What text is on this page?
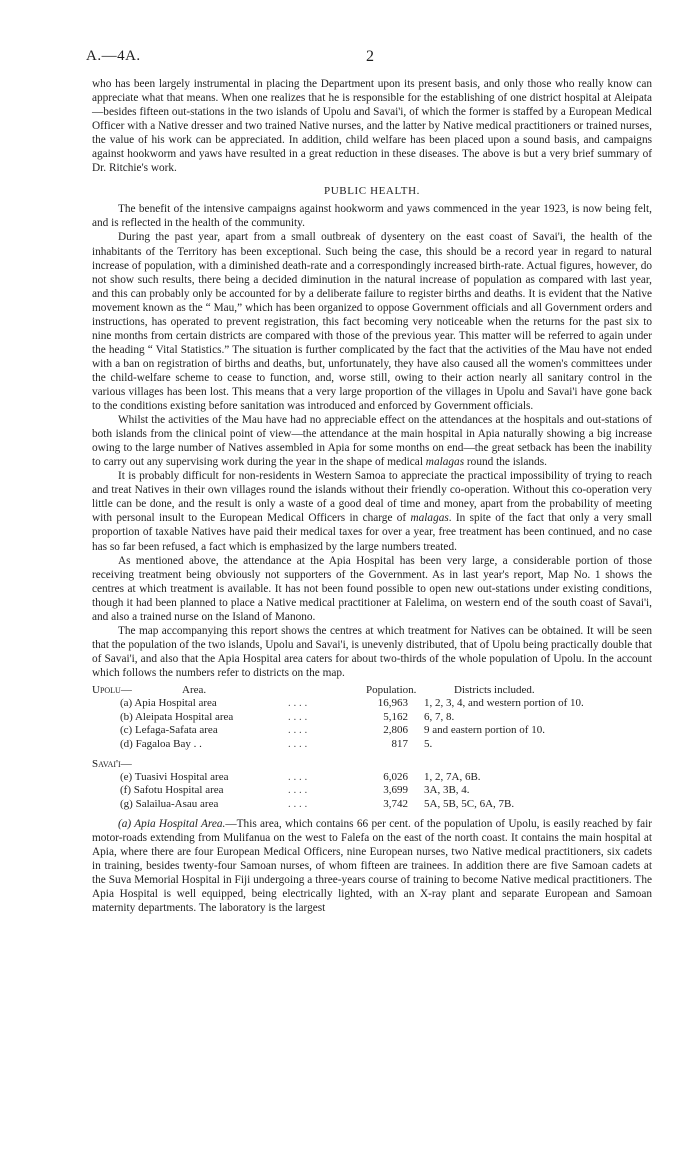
A.—4A.	2

who has been largely instrumental in placing the Department upon its present basis, and only those who really know can appreciate what that means. When one realizes that he is responsible for the establishing of one district hospital at Aleipata—besides fifteen out-stations in the two islands of Upolu and Savai'i, of which the former is staffed by a European Medical Officer with a Native dresser and two trained Native nurses, and the latter by Native medical practitioners or trained nurses, the value of his work can be appreciated. In addition, child welfare has been placed upon a sound basis, and campaigns against hookworm and yaws have resulted in a great reduction in these diseases. The above is but a very brief summary of Dr. Ritchie's work.

PUBLIC HEALTH.

The benefit of the intensive campaigns against hookworm and yaws commenced in the year 1923, is now being felt, and is reflected in the health of the community.

During the past year, apart from a small outbreak of dysentery on the east coast of Savai'i, the health of the inhabitants of the Territory has been exceptional. Such being the case, this should be a record year in regard to natural increase of population, with a diminished death-rate and a correspondingly increased birth-rate. Actual figures, however, do not show such results, there being a decided diminution in the natural increase of population as compared with last year, and this can probably only be accounted for by a deliberate failure to register births and deaths. It is evident that the Native movement known as the “ Mau,” which has been organized to oppose Government officials and all Government orders and instructions, has operated to prevent registration, this fact becoming very noticeable when the returns for the past six to nine months from certain districts are compared with those of the previous year. This matter will be referred to again under the heading “ Vital Statistics.” The situation is further complicated by the fact that the activities of the Mau have not ended with a ban on registration of births and deaths, but, unfortunately, they have also caused all the women's committees under the child-welfare scheme to cease to function, and, worse still, owing to their action nearly all sanitary control in the various villages has been lost. This means that a very large proportion of the villages in Upolu and Savai'i have gone back to the conditions existing before sanitation was introduced and enforced by Government officials.

Whilst the activities of the Mau have had no appreciable effect on the attendances at the hospitals and out-stations of both islands from the clinical point of view—the attendance at the main hospital in Apia naturally showing a big increase owing to the large number of Natives assembled in Apia for some months on end—the great setback has been the inability to carry out any supervising work during the year in the shape of medical malagas round the islands.

It is probably difficult for non-residents in Western Samoa to appreciate the practical impossibility of trying to reach and treat Natives in their own villages round the islands without their friendly co-operation. Without this co-operation very little can be done, and the result is only a waste of a good deal of time and money, apart from the probability of meeting with personal insult to the European Medical Officers in charge of malagas. In spite of the fact that only a very small proportion of taxable Natives have paid their medical taxes for over a year, free treatment has been continued, and no case has so far been refused, a fact which is emphasized by the large numbers treated.

As mentioned above, the attendance at the Apia Hospital has been very large, a considerable portion of those receiving treatment being obviously not supporters of the Government. As in last year's report, Map No. 1 shows the centres at which treatment is available. It has not been found possible to open new out-stations under existing conditions, though it had been planned to place a Native medical practitioner at Falelima, on western end of the south coast of Savai'i, and also a trained nurse on the Island of Manono.

The map accompanying this report shows the centres at which treatment for Natives can be obtained. It will be seen that the population of the two islands, Upolu and Savai'i, is unevenly distributed, that of Upolu being practically double that of Savai'i, and also that the Apia Hospital area caters for about two-thirds of the whole population of Upolu. In the account which follows the numbers refer to districts on the map.

Upolu—	Area.	Population.	Districts included.
(a) Apia Hospital area	. . . .	16,963	1, 2, 3, 4, and western portion of 10.
(b) Aleipata Hospital area	. . . .	5,162	6, 7, 8.
(c) Lefaga-Safata area	. . . .	2,806	9 and eastern portion of 10.
(d) Fagaloa Bay . .	. . . .	817	5.
Savai'i—
(e) Tuasivi Hospital area	. . . .	6,026	1, 2, 7A, 6B.
(f) Safotu Hospital area	. . . .	3,699	3A, 3B, 4.
(g) Salailua-Asau area	. . . .	3,742	5A, 5B, 5C, 6A, 7B.

(a) Apia Hospital Area.—This area, which contains 66 per cent. of the population of Upolu, is easily reached by fair motor-roads extending from Mulifanua on the west to Falefa on the east of the north coast. It contains the main hospital at Apia, where there are four European Medical Officers, nine European nurses, two Native medical practitioners, six cadets in training, besides twenty-four Samoan nurses, of whom fifteen are trainees. In addition there are five Samoan cadets at the Suva Memorial Hospital in Fiji undergoing a three-years course of training to become Native medical practitioners. The Apia Hospital is well equipped, being electrically lighted, with an X-ray plant and separate European and Samoan maternity departments. The laboratory is the largest
